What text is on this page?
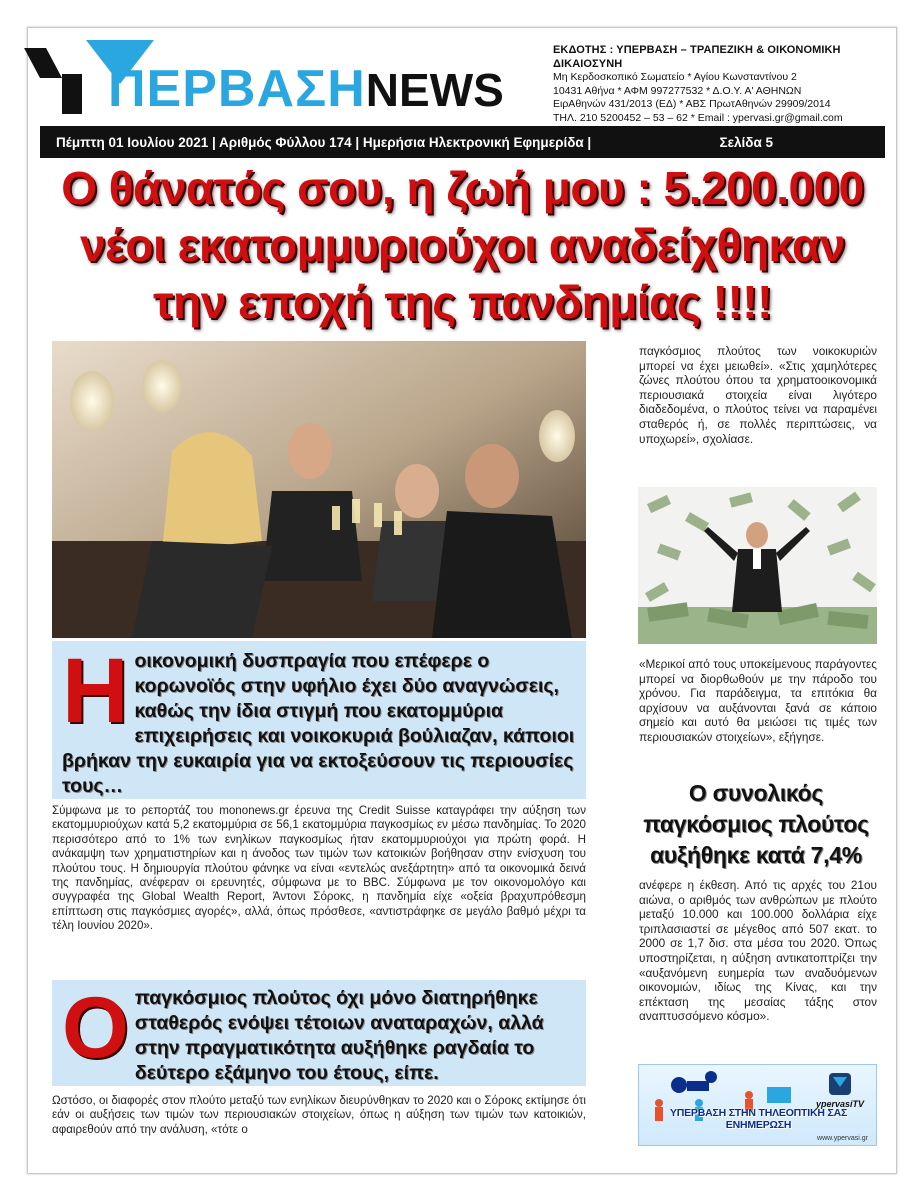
ΠΕΡΒΑΣΗNEWS
ΕΚΔΟΤΗΣ : ΥΠΕΡΒΑΣΗ – ΤΡΑΠΕΖΙΚΗ & ΟΙΚΟΝΟΜΙΚΗ ΔΙΚΑΙΟΣΥΝΗ
Μη Κερδοσκοπικό Σωματείο * Αγίου Κωνσταντίνου 2
10431 Αθήνα * ΑΦΜ 997277532 * Δ.Ο.Υ. Α' ΑΘΗΝΩΝ
ΕιρΑθηνών 431/2013 (ΕΔ) * ΑΒΣ ΠρωτΑθηνών 29909/2014
ΤΗΛ. 210 5200452 – 53 – 62 * Email : ypervasi.gr@gmail.com
Πέμπτη 01 Ιουλίου 2021 | Αριθμός Φύλλου 174 | Ημερήσια Ηλεκτρονική Εφημερίδα |	Σελίδα 5
Ο θάνατός σου, η ζωή μου : 5.200.000
νέοι εκατομμυριούχοι αναδείχθηκαν
την εποχή της πανδημίας !!!!
Η οικονομική δυσπραγία που επέφερε ο κορωνοϊός στην υφήλιο έχει δύο αναγνώσεις, καθώς την ίδια στιγμή που εκατομμύρια επιχειρήσεις και νοικοκυριά βούλιαζαν, κάποιοι βρήκαν την ευκαιρία για να εκτοξεύσουν τις περιουσίες τους…
Σύμφωνα με το ρεπορτάζ του mononews.gr έρευνα της Credit Suisse καταγράφει την αύξηση των εκατομμυριούχων κατά 5,2 εκατομμύρια σε 56,1 εκατομμύρια παγκοσμίως εν μέσω πανδημίας. Το 2020 περισσότερο από το 1% των ενηλίκων παγκοσμίως ήταν εκατομμυριούχοι για πρώτη φορά. Η ανάκαμψη των χρηματιστηρίων και η άνοδος των τιμών των κατοικιών βοήθησαν στην ενίσχυση του πλούτου τους. Η δημιουργία πλούτου φάνηκε να είναι «εντελώς ανεξάρτητη» από τα οικονομικά δεινά της πανδημίας, ανέφεραν οι ερευνητές, σύμφωνα με το BBC. Σύμφωνα με τον οικονομολόγο και συγγραφέα της Global Wealth Report, Άντονι Σόροκς, η πανδημία είχε «οξεία βραχυπρόθεσμη επίπτωση στις παγκόσμιες αγορές», αλλά, όπως πρόσθεσε, «αντιστράφηκε σε μεγάλο βαθμό μέχρι τα τέλη Ιουνίου 2020».
Ο παγκόσμιος πλούτος όχι μόνο διατηρήθηκε σταθερός ενόψει τέτοιων αναταραχών, αλλά στην πραγματικότητα αυξήθηκε ραγδαία το δεύτερο εξάμηνο του έτους, είπε.
Ωστόσο, οι διαφορές στον πλούτο μεταξύ των ενηλίκων διευρύνθηκαν το 2020 και ο Σόροκς εκτίμησε ότι εάν οι αυξήσεις των τιμών των περιουσιακών στοιχείων, όπως η αύξηση των τιμών των κατοικιών, αφαιρεθούν από την ανάλυση, «τότε ο
παγκόσμιος πλούτος των νοικοκυριών μπορεί να έχει μειωθεί». «Στις χαμηλότερες ζώνες πλούτου όπου τα χρηματοοικονομικά περιουσιακά στοιχεία είναι λιγότερο διαδεδομένα, ο πλούτος τείνει να παραμένει σταθερός ή, σε πολλές περιπτώσεις, να υποχωρεί», σχολίασε.
«Μερικοί από τους υποκείμενους παράγοντες μπορεί να διορθωθούν με την πάροδο του χρόνου. Για παράδειγμα, τα επιτόκια θα αρχίσουν να αυξάνονται ξανά σε κάποιο σημείο και αυτό θα μειώσει τις τιμές των περιουσιακών στοιχείων», εξήγησε.
Ο συνολικός παγκόσμιος πλούτος αυξήθηκε κατά 7,4%
ανέφερε η έκθεση. Από τις αρχές του 21ου αιώνα, ο αριθμός των ανθρώπων με πλούτο μεταξύ 10.000 και 100.000 δολλάρια είχε τριπλασιαστεί σε μέγεθος από 507 εκατ. το 2000 σε 1,7 δισ. στα μέσα του 2020. Όπως υποστηρίζεται, η αύξηση αντικατοπτρίζει την «αυξανόμενη ευημερία των αναδυόμενων οικονομιών, ιδίως της Κίνας, και την επέκταση της μεσαίας τάξης στον αναπτυσσόμενο κόσμο».
ypervasiTV
ΥΠΕΡΒΑΣΗ ΣΤΗΝ ΤΗΛΕΟΠΤΙΚΗ ΣΑΣ ΕΝΗΜΕΡΩΣΗ
www.ypervasi.gr
